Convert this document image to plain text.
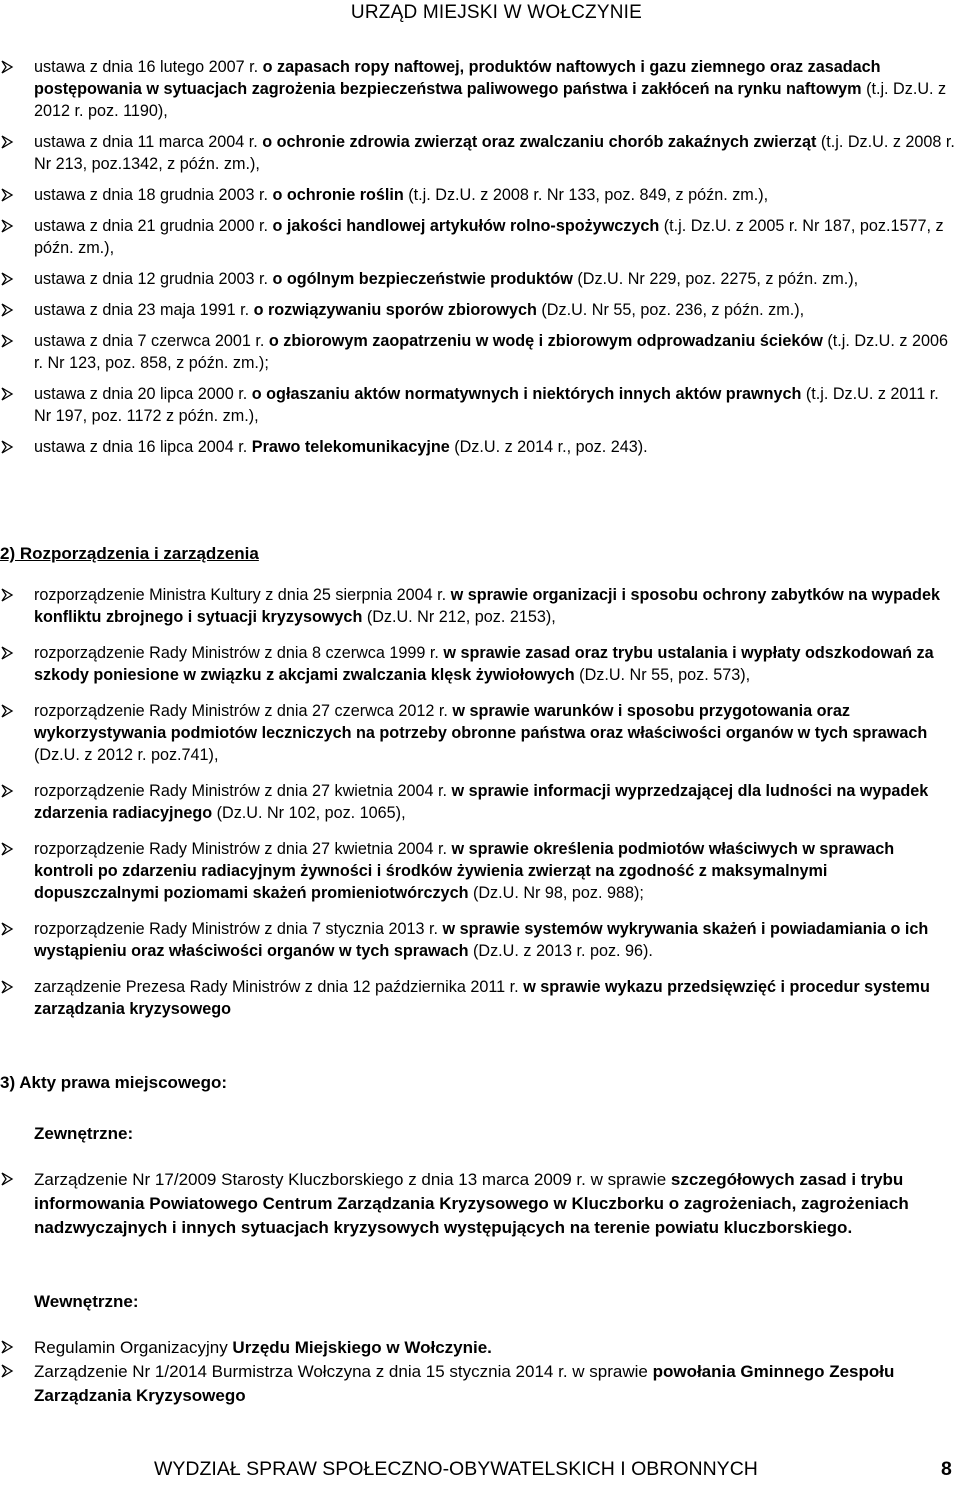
URZĄD MIEJSKI W WOŁCZYNIE
ustawa z dnia 16 lutego 2007 r. o zapasach ropy naftowej, produktów naftowych i gazu ziemnego oraz zasadach postępowania w sytuacjach zagrożenia bezpieczeństwa paliwowego państwa i zakłóceń na rynku naftowym (t.j. Dz.U. z 2012 r. poz. 1190),
ustawa z dnia 11 marca 2004 r. o ochronie zdrowia zwierząt oraz zwalczaniu chorób zakaźnych zwierząt (t.j. Dz.U. z 2008 r. Nr 213, poz.1342, z późn. zm.),
ustawa z dnia 18 grudnia 2003 r. o ochronie roślin (t.j. Dz.U. z 2008 r. Nr 133, poz. 849, z późn. zm.),
ustawa z dnia 21 grudnia 2000 r. o jakości handlowej artykułów rolno-spożywczych (t.j. Dz.U. z 2005 r. Nr 187, poz.1577, z późn. zm.),
ustawa z dnia 12 grudnia 2003 r. o ogólnym bezpieczeństwie produktów (Dz.U. Nr 229, poz. 2275, z późn. zm.),
ustawa z dnia 23 maja 1991 r. o rozwiązywaniu sporów zbiorowych (Dz.U. Nr 55, poz. 236, z późn. zm.),
ustawa z dnia 7 czerwca 2001 r. o zbiorowym zaopatrzeniu w wodę i zbiorowym odprowadzaniu ścieków (t.j. Dz.U. z 2006 r. Nr 123, poz. 858, z późn. zm.);
ustawa z dnia 20 lipca 2000 r. o ogłaszaniu aktów normatywnych i niektórych innych aktów prawnych (t.j. Dz.U. z 2011 r. Nr 197, poz. 1172 z późn. zm.),
ustawa z dnia 16 lipca 2004 r. Prawo telekomunikacyjne (Dz.U. z 2014 r., poz. 243).
2) Rozporządzenia i zarządzenia
rozporządzenie Ministra Kultury z dnia 25 sierpnia 2004 r. w sprawie organizacji i sposobu ochrony zabytków na wypadek konfliktu zbrojnego i sytuacji kryzysowych (Dz.U. Nr 212, poz. 2153),
rozporządzenie Rady Ministrów z dnia 8 czerwca 1999 r. w sprawie zasad oraz trybu ustalania i wypłaty odszkodowań za szkody poniesione w związku z akcjami zwalczania klęsk żywiołowych (Dz.U. Nr 55, poz. 573),
rozporządzenie Rady Ministrów z dnia 27 czerwca 2012 r. w sprawie warunków i sposobu przygotowania oraz wykorzystywania podmiotów leczniczych na potrzeby obronne państwa oraz właściwości organów w tych sprawach (Dz.U. z 2012 r. poz.741),
rozporządzenie Rady Ministrów z dnia 27 kwietnia 2004 r. w sprawie informacji wyprzedzającej dla ludności na wypadek zdarzenia radiacyjnego (Dz.U. Nr 102, poz. 1065),
rozporządzenie Rady Ministrów z dnia 27 kwietnia 2004 r. w sprawie określenia podmiotów właściwych w sprawach kontroli po zdarzeniu radiacyjnym żywności i środków żywienia zwierząt na zgodność z maksymalnymi dopuszczalnymi poziomami skażeń promieniotwórczych (Dz.U. Nr 98, poz. 988);
rozporządzenie Rady Ministrów z dnia 7 stycznia 2013 r. w sprawie systemów wykrywania skażeń i powiadamiania o ich wystąpieniu oraz właściwości organów w tych sprawach (Dz.U. z 2013 r. poz. 96).
zarządzenie Prezesa Rady Ministrów z dnia 12 października 2011 r. w sprawie wykazu przedsięwzięć i procedur systemu zarządzania kryzysowego
3) Akty prawa miejscowego:
Zewnętrzne:
Zarządzenie Nr 17/2009 Starosty Kluczborskiego z dnia 13 marca 2009 r. w sprawie szczegółowych zasad i trybu informowania Powiatowego Centrum Zarządzania Kryzysowego w Kluczborku o zagrożeniach, zagrożeniach nadzwyczajnych i innych sytuacjach kryzysowych występujących na terenie powiatu kluczborskiego.
Wewnętrzne:
Regulamin Organizacyjny Urzędu Miejskiego w Wołczynie.
Zarządzenie Nr 1/2014 Burmistrza Wołczyna z dnia 15 stycznia 2014 r. w sprawie powołania Gminnego Zespołu Zarządzania Kryzysowego
WYDZIAŁ SPRAW SPOŁECZNO-OBYWATELSKICH I OBRONNYCH	8
